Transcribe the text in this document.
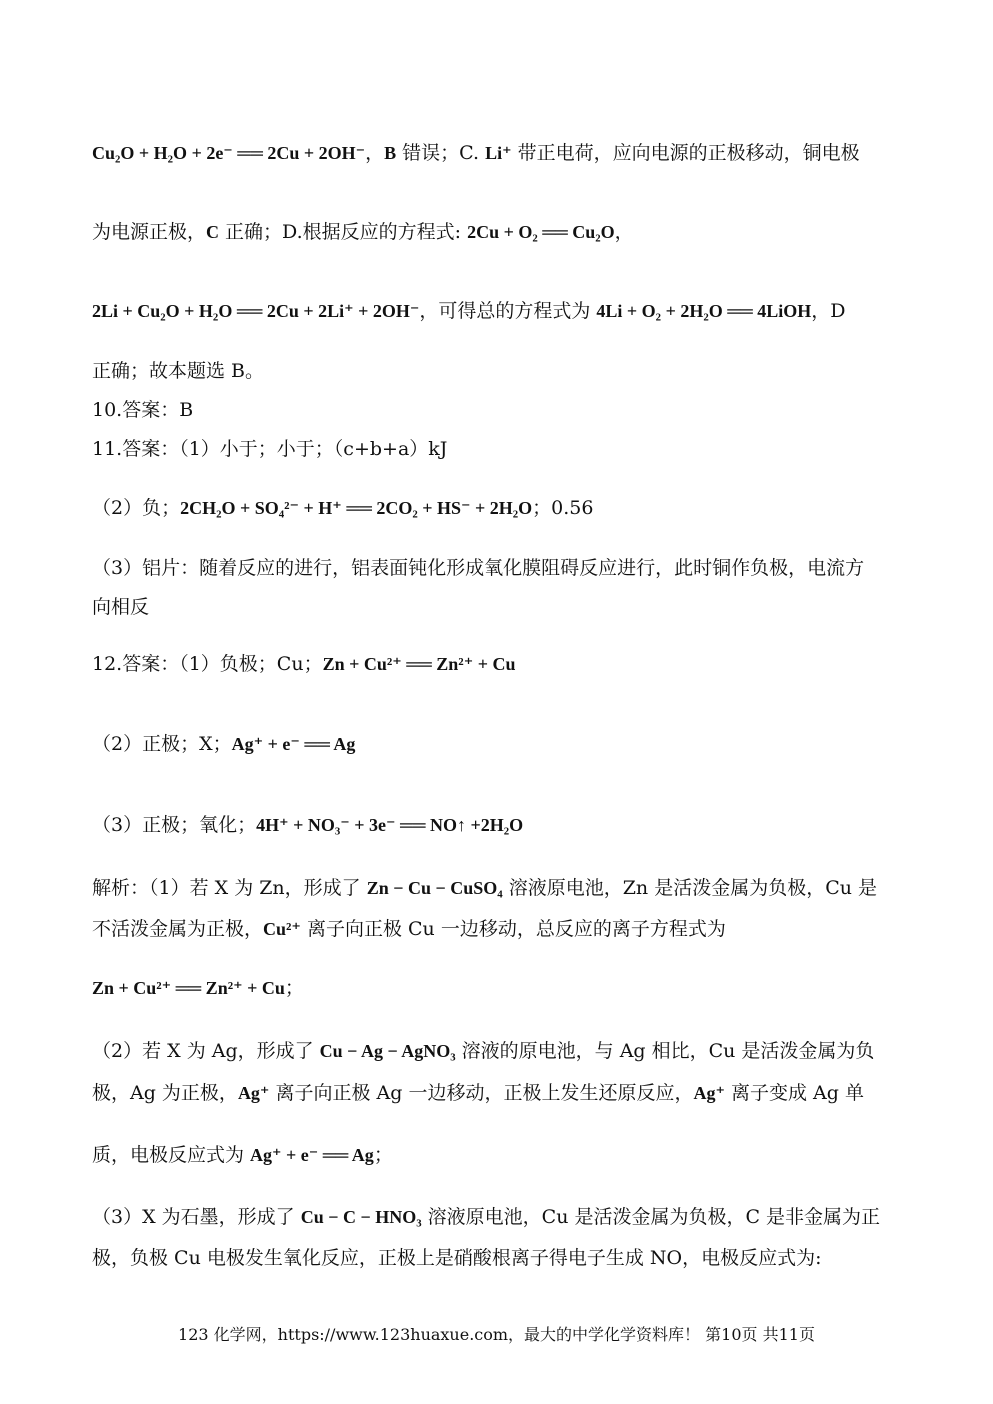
Cu₂O + H₂O + 2e⁻ ══ 2Cu + 2OH⁻，B 错误；C. Li⁺ 带正电荷，应向电源的正极移动，铜电极
为电源正极，C 正确；D.根据反应的方程式: 2Cu + O₂ ══ Cu₂O，
2Li + Cu₂O + H₂O ══ 2Cu + 2Li⁺ + 2OH⁻，可得总的方程式为 4Li + O₂ + 2H₂O ══ 4LiOH，D
正确；故本题选 B。
10.答案：B
11.答案：（1）小于；小于；（c+b+a）kJ
（2）负；2CH₂O + SO₄²⁻ + H⁺ ══ 2CO₂ + HS⁻ + 2H₂O；0.56
（3）铝片：随着反应的进行，铝表面钝化形成氧化膜阻碍反应进行，此时铜作负极，电流方
向相反
12.答案：（1）负极；Cu；Zn + Cu²⁺ ══ Zn²⁺ + Cu
（2）正极；X；Ag⁺ + e⁻ ══ Ag
（3）正极；氧化；4H⁺ + NO₃⁻ + 3e⁻ ══ NO↑ +2H₂O
解析：（1）若 X 为 Zn，形成了 Zn − Cu − CuSO₄ 溶液原电池，Zn 是活泼金属为负极，Cu 是
不活泼金属为正极，Cu²⁺ 离子向正极 Cu 一边移动，总反应的离子方程式为
Zn + Cu²⁺ ══ Zn²⁺ + Cu；
（2）若 X 为 Ag，形成了 Cu − Ag − AgNO₃ 溶液的原电池，与 Ag 相比，Cu 是活泼金属为负
极，Ag 为正极，Ag⁺ 离子向正极 Ag 一边移动，正极上发生还原反应，Ag⁺ 离子变成 Ag 单
质，电极反应式为 Ag⁺ + e⁻ ══ Ag；
（3）X 为石墨，形成了 Cu − C − HNO₃ 溶液原电池，Cu 是活泼金属为负极，C 是非金属为正
极，负极 Cu 电极发生氧化反应，正极上是硝酸根离子得电子生成 NO，电极反应式为:
123 化学网，https://www.123huaxue.com，最大的中学化学资料库！ 第10页 共11页
